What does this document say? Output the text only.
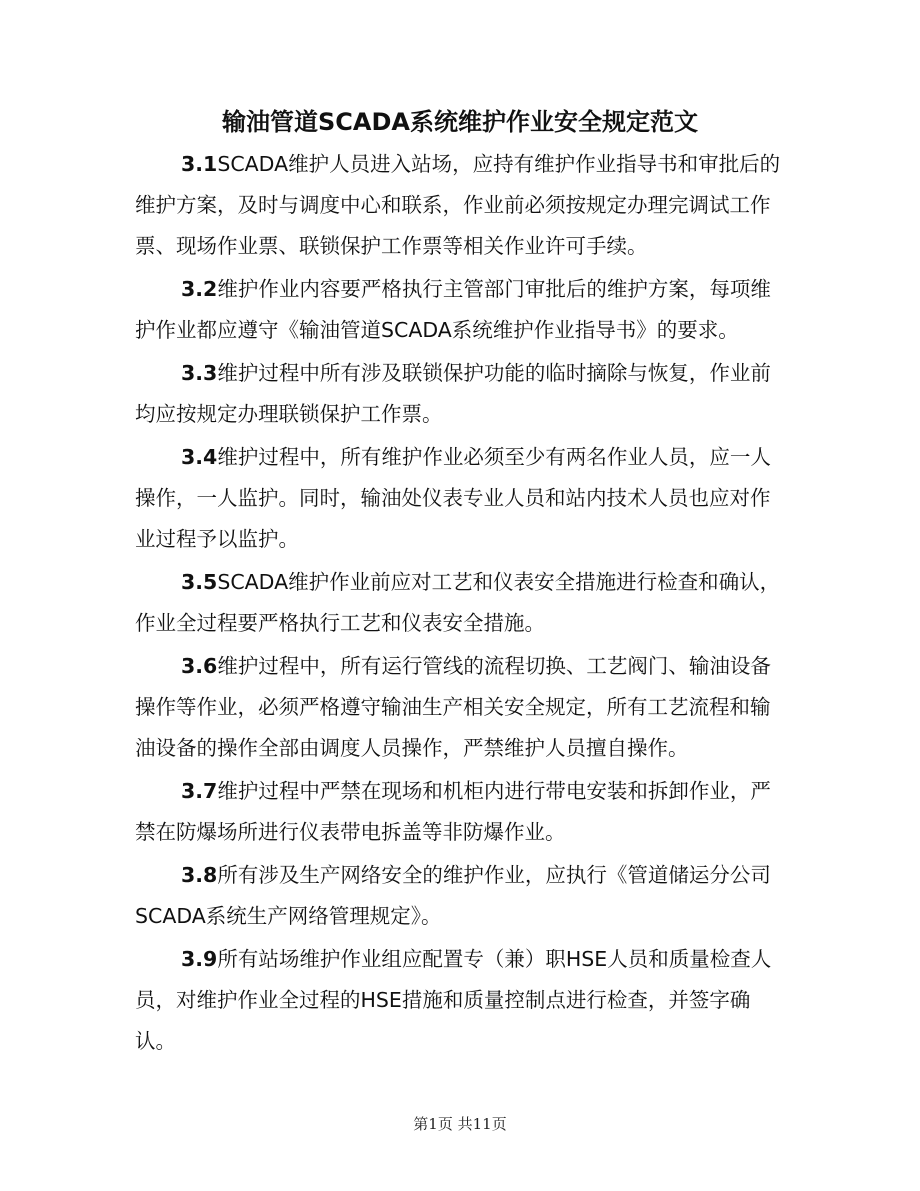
输油管道SCADA系统维护作业安全规定范文

3.1SCADA维护人员进入站场，应持有维护作业指导书和审批后的维护方案，及时与调度中心和联系，作业前必须按规定办理完调试工作票、现场作业票、联锁保护工作票等相关作业许可手续。

3.2维护作业内容要严格执行主管部门审批后的维护方案，每项维护作业都应遵守《输油管道SCADA系统维护作业指导书》的要求。

3.3维护过程中所有涉及联锁保护功能的临时摘除与恢复，作业前均应按规定办理联锁保护工作票。

3.4维护过程中，所有维护作业必须至少有两名作业人员，应一人操作，一人监护。同时，输油处仪表专业人员和站内技术人员也应对作业过程予以监护。

3.5SCADA维护作业前应对工艺和仪表安全措施进行检查和确认，作业全过程要严格执行工艺和仪表安全措施。

3.6维护过程中，所有运行管线的流程切换、工艺阀门、输油设备操作等作业，必须严格遵守输油生产相关安全规定，所有工艺流程和输油设备的操作全部由调度人员操作，严禁维护人员擅自操作。

3.7维护过程中严禁在现场和机柜内进行带电安装和拆卸作业，严禁在防爆场所进行仪表带电拆盖等非防爆作业。

3.8所有涉及生产网络安全的维护作业，应执行《管道储运分公司SCADA系统生产网络管理规定》。

3.9所有站场维护作业组应配置专（兼）职HSE人员和质量检查人员，对维护作业全过程的HSE措施和质量控制点进行检查，并签字确认。

第1页 共11页
